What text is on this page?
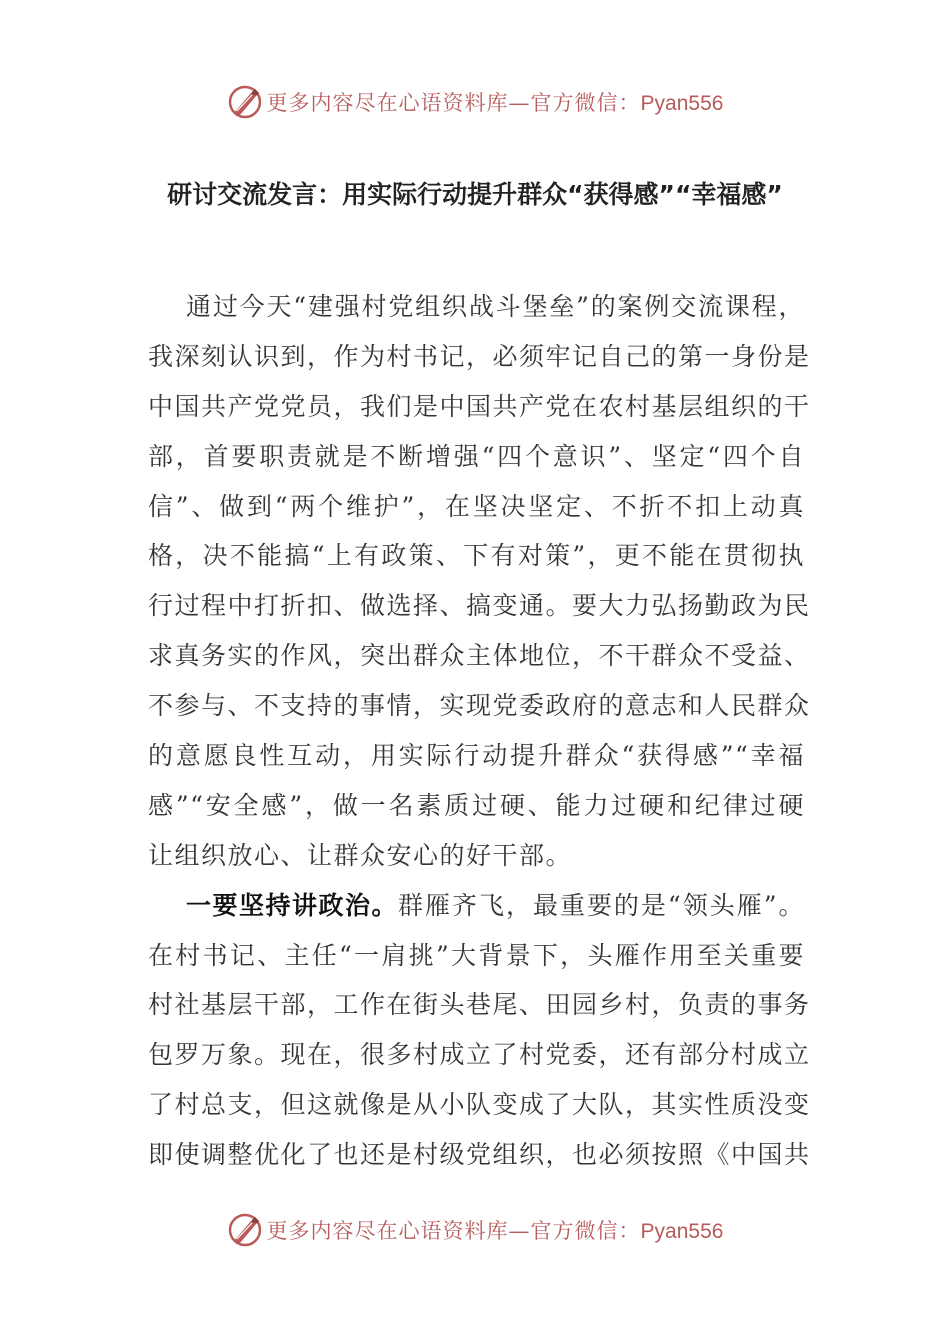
更多内容尽在心语资料库—官方微信：Pyan556
研讨交流发言：用实际行动提升群众“获得感”“幸福感”
通过今天“建强村党组织战斗堡垒”的案例交流课程，
我深刻认识到，作为村书记，必须牢记自己的第一身份是
中国共产党党员，我们是中国共产党在农村基层组织的干
部，首要职责就是不断增强“四个意识”、坚定“四个自
信”、做到“两个维护”，在坚决坚定、不折不扣上动真
格，决不能搞“上有政策、下有对策”，更不能在贯彻执
行过程中打折扣、做选择、搞变通。要大力弘扬勤政为民
求真务实的作风，突出群众主体地位，不干群众不受益、
不参与、不支持的事情，实现党委政府的意志和人民群众
的意愿良性互动，用实际行动提升群众“获得感”“幸福
感”“安全感”，做一名素质过硬、能力过硬和纪律过硬
让组织放心、让群众安心的好干部。
一要坚持讲政治。群雁齐飞，最重要的是“领头雁”。
在村书记、主任“一肩挑”大背景下，头雁作用至关重要
村社基层干部，工作在街头巷尾、田园乡村，负责的事务
包罗万象。现在，很多村成立了村党委，还有部分村成立
了村总支，但这就像是从小队变成了大队，其实性质没变
即使调整优化了也还是村级党组织，也必须按照《中国共
更多内容尽在心语资料库—官方微信：Pyan556
